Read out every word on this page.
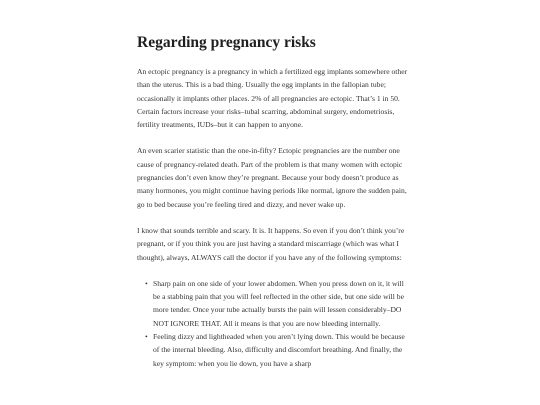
Regarding pregnancy risks

An ectopic pregnancy is a pregnancy in which a fertilized egg implants somewhere other than the uterus. This is a bad thing. Usually the egg implants in the fallopian tube; occasionally it implants other places. 2% of all pregnancies are ectopic. That’s 1 in 50. Certain factors increase your risks–tubal scarring, abdominal surgery, endometriosis, fertility treatments, IUDs–but it can happen to anyone.

An even scarier statistic than the one-in-fifty? Ectopic pregnancies are the number one cause of pregnancy-related death. Part of the problem is that many women with ectopic pregnancies don’t even know they’re pregnant. Because your body doesn’t produce as many hormones, you might continue having periods like normal, ignore the sudden pain, go to bed because you’re feeling tired and dizzy, and never wake up.

I know that sounds terrible and scary. It is. It happens. So even if you don’t think you’re pregnant, or if you think you are just having a standard miscarriage (which was what I thought), always, ALWAYS call the doctor if you have any of the following symptoms:

• Sharp pain on one side of your lower abdomen. When you press down on it, it will be a stabbing pain that you will feel reflected in the other side, but one side will be more tender. Once your tube actually bursts the pain will lessen considerably–DO NOT IGNORE THAT. All it means is that you are now bleeding internally.
• Feeling dizzy and lightheaded when you aren’t lying down. This would be because of the internal bleeding. Also, difficulty and discomfort breathing. And finally, the key symptom: when you lie down, you have a sharp
